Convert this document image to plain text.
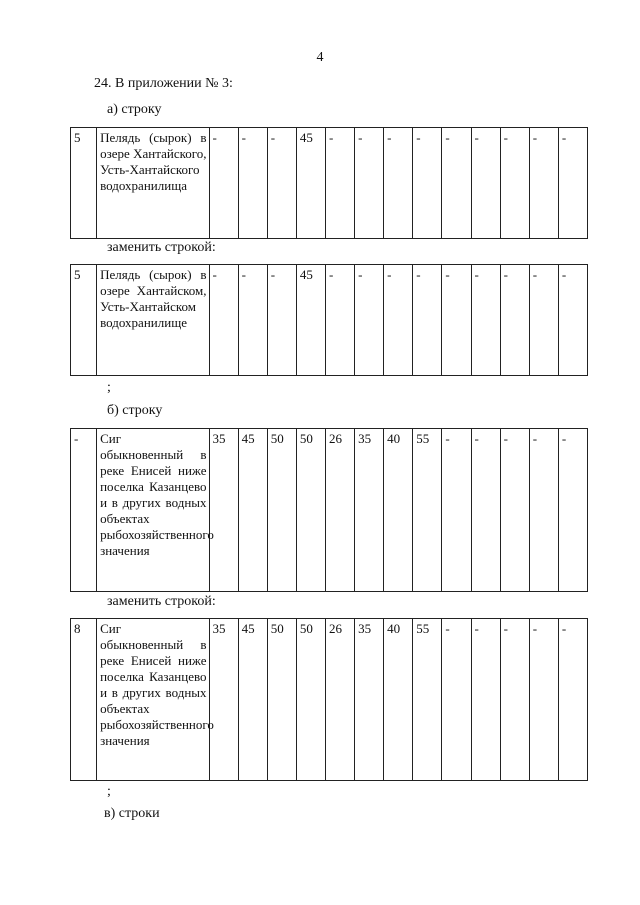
4
24. В приложении № 3:
а) строку
5	Пелядь (сырок) в озере Хантайского, Усть-Хантайского водохранилища	-	-	-	45	-	-	-	-	-	-	-	-	-
заменить строкой:
5	Пелядь (сырок) в озере Хантайском, Усть-Хантайском водохранилище	-	-	-	45	-	-	-	-	-	-	-	-	-
;
б) строку
-	Сиг обыкновенный в реке Енисей ниже поселка Казанцево и в других водных объектах рыбохозяйственного значения	35	45	50	50	26	35	40	55	-	-	-	-	-
заменить строкой:
8	Сиг обыкновенный в реке Енисей ниже поселка Казанцево и в других водных объектах рыбохозяйственного значения	35	45	50	50	26	35	40	55	-	-	-	-	-
;
в) строки
